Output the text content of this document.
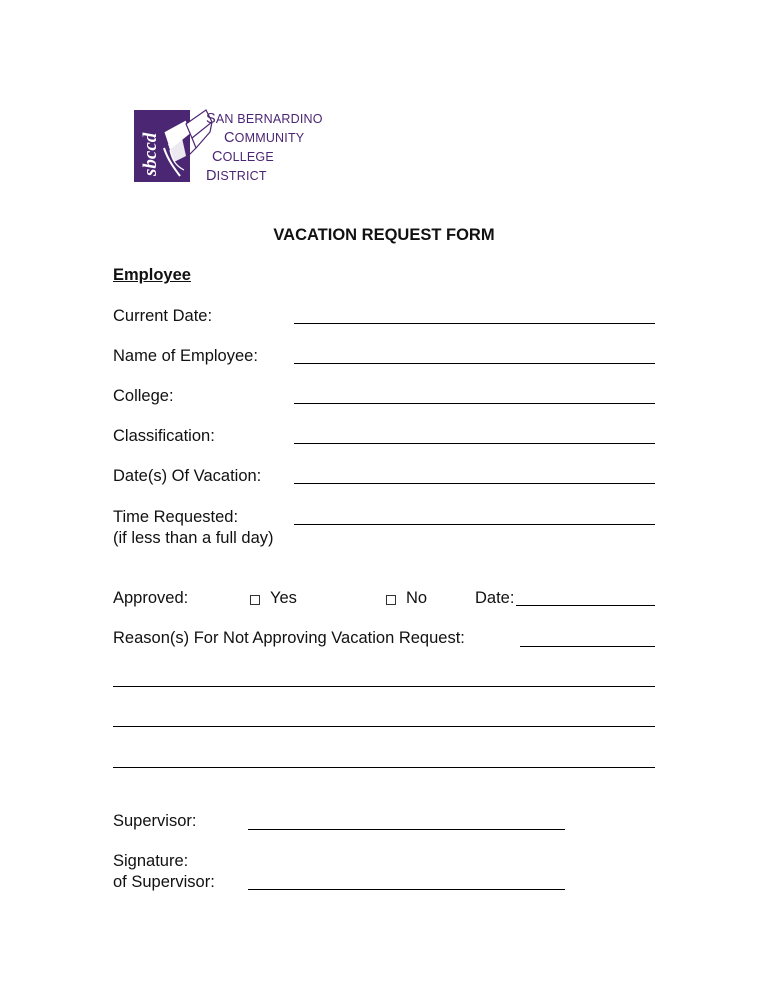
sbccd
SAN BERNARDINO
COMMUNITY
COLLEGE
DISTRICT
VACATION REQUEST FORM
Employee
Current Date:
Name of Employee:
College:
Classification:
Date(s) Of Vacation:
Time Requested:
(if less than a full day)
Approved:	Yes	No	Date:
Reason(s) For Not Approving Vacation Request:
Supervisor:
Signature:
of Supervisor:
